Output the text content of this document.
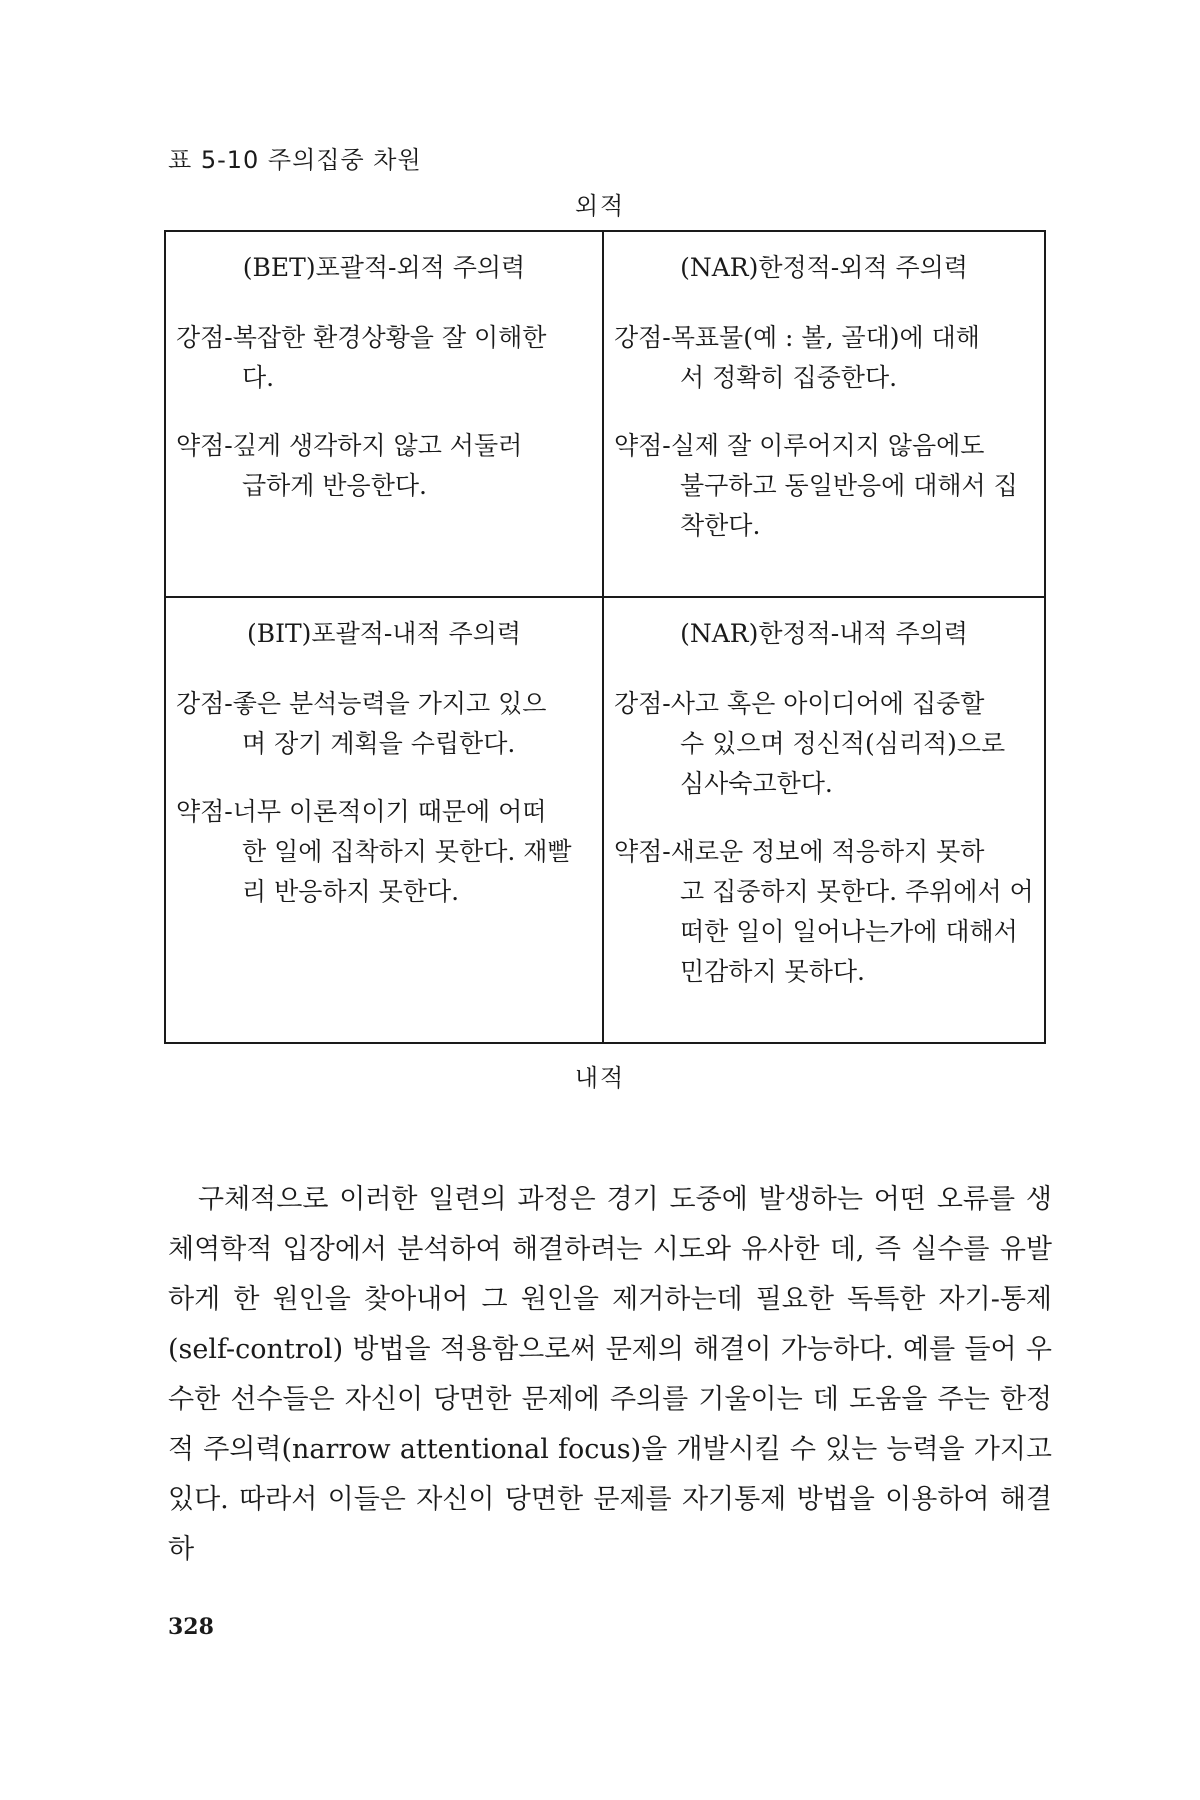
표 5-10 주의집중 차원
외적
(BET)포괄적-외적 주의력
강점-복잡한 환경상황을 잘 이해한
다.
약점-깊게 생각하지 않고 서둘러
급하게 반응한다.
(NAR)한정적-외적 주의력
강점-목표물(예 : 볼, 골대)에 대해
서 정확히 집중한다.
약점-실제 잘 이루어지지 않음에도
불구하고 동일반응에 대해서 집착한다.
(BIT)포괄적-내적 주의력
강점-좋은 분석능력을 가지고 있으
며 장기 계획을 수립한다.
약점-너무 이론적이기 때문에 어떠
한 일에 집착하지 못한다. 재빨리 반응하지 못한다.
(NAR)한정적-내적 주의력
강점-사고 혹은 아이디어에 집중할
수 있으며 정신적(심리적)으로 심사숙고한다.
약점-새로운 정보에 적응하지 못하
고 집중하지 못한다. 주위에서 어떠한 일이 일어나는가에 대해서 민감하지 못하다.
내적
구체적으로 이러한 일련의 과정은 경기 도중에 발생하는 어떤 오류를 생체역학적 입장에서 분석하여 해결하려는 시도와 유사한 데, 즉 실수를 유발하게 한 원인을 찾아내어 그 원인을 제거하는데 필요한 독특한 자기-통제(self-control) 방법을 적용함으로써 문제의 해결이 가능하다. 예를 들어 우수한 선수들은 자신이 당면한 문제에 주의를 기울이는 데 도움을 주는 한정적 주의력(narrow attentional focus)을 개발시킬 수 있는 능력을 가지고 있다. 따라서 이들은 자신이 당면한 문제를 자기통제 방법을 이용하여 해결하
328
